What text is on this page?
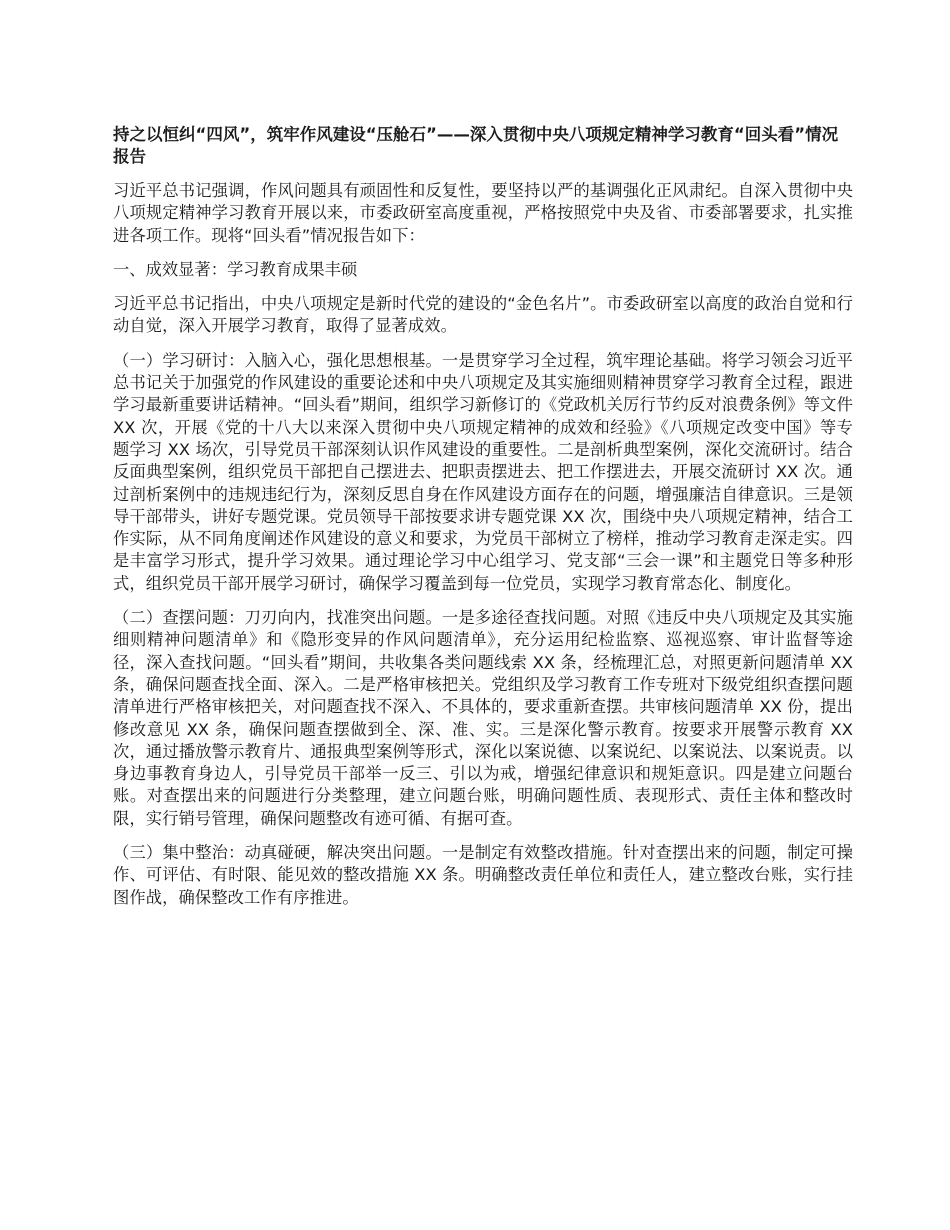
持之以恒纠“四风”，筑牢作风建设“压舱石”——深入贯彻中央八项规定精神学习教育“回头看”情况报告
习近平总书记强调，作风问题具有顽固性和反复性，要坚持以严的基调强化正风肃纪。自深入贯彻中央八项规定精神学习教育开展以来，市委政研室高度重视，严格按照党中央及省、市委部署要求，扎实推进各项工作。现将“回头看”情况报告如下：
一、成效显著：学习教育成果丰硕
习近平总书记指出，中央八项规定是新时代党的建设的“金色名片”。市委政研室以高度的政治自觉和行动自觉，深入开展学习教育，取得了显著成效。
（一）学习研讨：入脑入心，强化思想根基。一是贯穿学习全过程，筑牢理论基础。将学习领会习近平总书记关于加强党的作风建设的重要论述和中央八项规定及其实施细则精神贯穿学习教育全过程，跟进学习最新重要讲话精神。“回头看”期间，组织学习新修订的《党政机关厉行节约反对浪费条例》等文件 XX 次，开展《党的十八大以来深入贯彻中央八项规定精神的成效和经验》《八项规定改变中国》等专题学习 XX 场次，引导党员干部深刻认识作风建设的重要性。二是剖析典型案例，深化交流研讨。结合反面典型案例，组织党员干部把自己摆进去、把职责摆进去、把工作摆进去，开展交流研讨 XX 次。通过剖析案例中的违规违纪行为，深刻反思自身在作风建设方面存在的问题，增强廉洁自律意识。三是领导干部带头，讲好专题党课。党员领导干部按要求讲专题党课 XX 次，围绕中央八项规定精神，结合工作实际，从不同角度阐述作风建设的意义和要求，为党员干部树立了榜样，推动学习教育走深走实。四是丰富学习形式，提升学习效果。通过理论学习中心组学习、党支部“三会一课”和主题党日等多种形式，组织党员干部开展学习研讨，确保学习覆盖到每一位党员，实现学习教育常态化、制度化。
（二）查摆问题：刀刃向内，找准突出问题。一是多途径查找问题。对照《违反中央八项规定及其实施细则精神问题清单》和《隐形变异的作风问题清单》，充分运用纪检监察、巡视巡察、审计监督等途径，深入查找问题。“回头看”期间，共收集各类问题线索 XX 条，经梳理汇总，对照更新问题清单 XX 条，确保问题查找全面、深入。二是严格审核把关。党组织及学习教育工作专班对下级党组织查摆问题清单进行严格审核把关，对问题查找不深入、不具体的，要求重新查摆。共审核问题清单 XX 份，提出修改意见 XX 条，确保问题查摆做到全、深、准、实。三是深化警示教育。按要求开展警示教育 XX 次，通过播放警示教育片、通报典型案例等形式，深化以案说德、以案说纪、以案说法、以案说责。以身边事教育身边人，引导党员干部举一反三、引以为戒，增强纪律意识和规矩意识。四是建立问题台账。对查摆出来的问题进行分类整理，建立问题台账，明确问题性质、表现形式、责任主体和整改时限，实行销号管理，确保问题整改有迹可循、有据可查。
（三）集中整治：动真碰硬，解决突出问题。一是制定有效整改措施。针对查摆出来的问题，制定可操作、可评估、有时限、能见效的整改措施 XX 条。明确整改责任单位和责任人，建立整改台账，实行挂图作战，确保整改工作有序推进。
